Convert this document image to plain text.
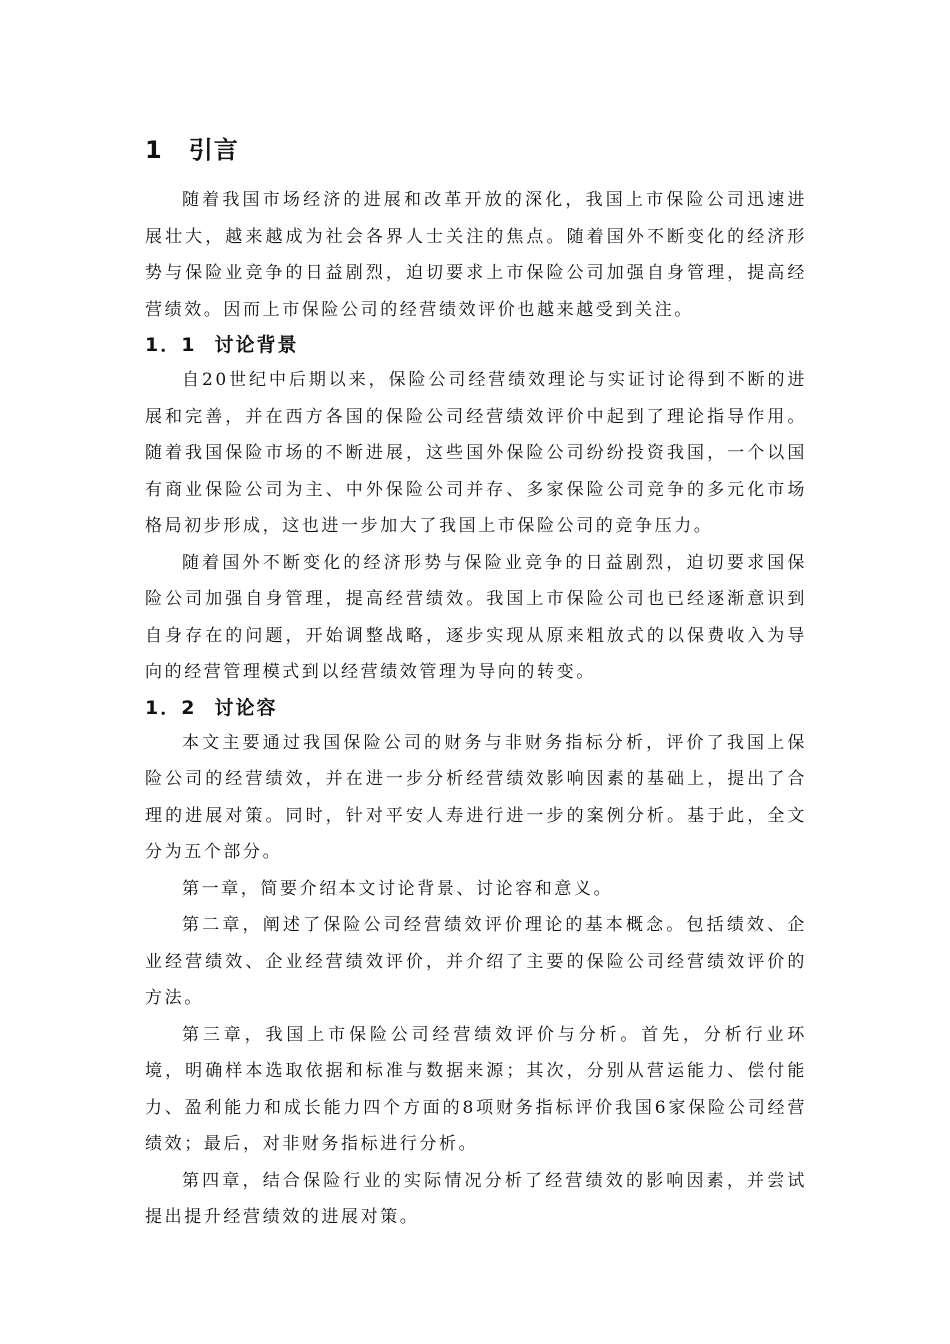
1 引言

随着我国市场经济的进展和改革开放的深化，我国上市保险公司迅速进展壮大，越来越成为社会各界人士关注的焦点。随着国外不断变化的经济形势与保险业竞争的日益剧烈，迫切要求上市保险公司加强自身管理，提高经营绩效。因而上市保险公司的经营绩效评价也越来越受到关注。

1．1 讨论背景

自20世纪中后期以来，保险公司经营绩效理论与实证讨论得到不断的进展和完善，并在西方各国的保险公司经营绩效评价中起到了理论指导作用。随着我国保险市场的不断进展，这些国外保险公司纷纷投资我国，一个以国有商业保险公司为主、中外保险公司并存、多家保险公司竞争的多元化市场格局初步形成，这也进一步加大了我国上市保险公司的竞争压力。

随着国外不断变化的经济形势与保险业竞争的日益剧烈，迫切要求国保险公司加强自身管理，提高经营绩效。我国上市保险公司也已经逐渐意识到自身存在的问题，开始调整战略，逐步实现从原来粗放式的以保费收入为导向的经营管理模式到以经营绩效管理为导向的转变。

1．2 讨论容

本文主要通过我国保险公司的财务与非财务指标分析，评价了我国上保险公司的经营绩效，并在进一步分析经营绩效影响因素的基础上，提出了合理的进展对策。同时，针对平安人寿进行进一步的案例分析。基于此，全文分为五个部分。

第一章，简要介绍本文讨论背景、讨论容和意义。

第二章，阐述了保险公司经营绩效评价理论的基本概念。包括绩效、企业经营绩效、企业经营绩效评价，并介绍了主要的保险公司经营绩效评价的方法。

第三章，我国上市保险公司经营绩效评价与分析。首先，分析行业环境，明确样本选取依据和标准与数据来源；其次，分别从营运能力、偿付能力、盈利能力和成长能力四个方面的8项财务指标评价我国6家保险公司经营绩效；最后，对非财务指标进行分析。

第四章，结合保险行业的实际情况分析了经营绩效的影响因素，并尝试提出提升经营绩效的进展对策。
